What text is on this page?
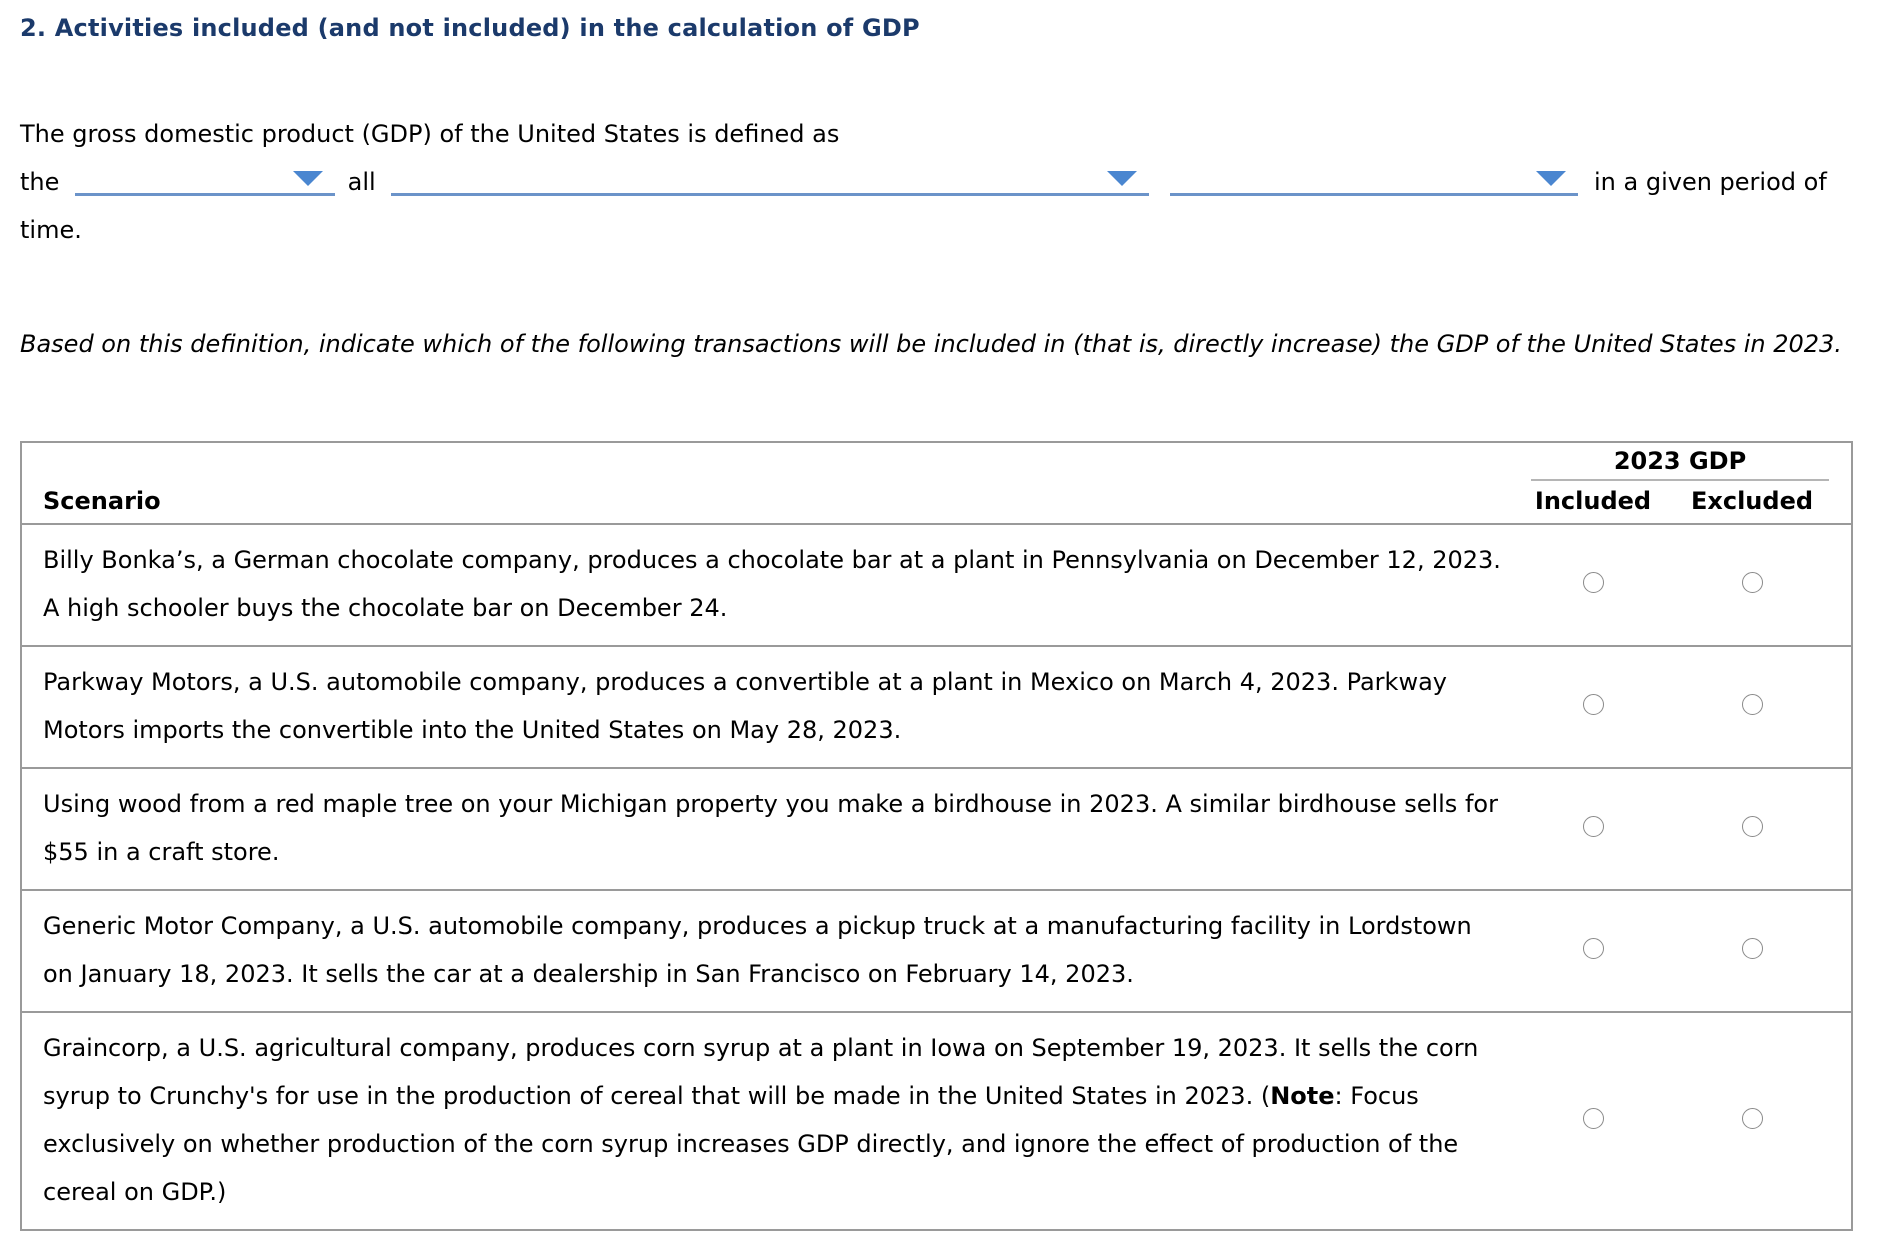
2. Activities included (and not included) in the calculation of GDP
The gross domestic product (GDP) of the United States is defined as
the	all	in a given period of
time.
Based on this definition, indicate which of the following transactions will be included in (that is, directly increase) the GDP of the United States in 2023.
Scenario	2023 GDP	

	Included	Excluded
Billy Bonka’s, a German chocolate company, produces a chocolate bar at a plant in Pennsylvania on December 12, 2023. A high schooler buys the chocolate bar on December 24.		
Parkway Motors, a U.S. automobile company, produces a convertible at a plant in Mexico on March 4, 2023. Parkway Motors imports the convertible into the United States on May 28, 2023.		
Using wood from a red maple tree on your Michigan property you make a birdhouse in 2023. A similar birdhouse sells for $55 in a craft store.		
Generic Motor Company, a U.S. automobile company, produces a pickup truck at a manufacturing facility in Lordstown on January 18, 2023. It sells the car at a dealership in San Francisco on February 14, 2023.		
Graincorp, a U.S. agricultural company, produces corn syrup at a plant in Iowa on September 19, 2023. It sells the corn syrup to Crunchy's for use in the production of cereal that will be made in the United States in 2023. (Note: Focus exclusively on whether production of the corn syrup increases GDP directly, and ignore the effect of production of the cereal on GDP.)		
